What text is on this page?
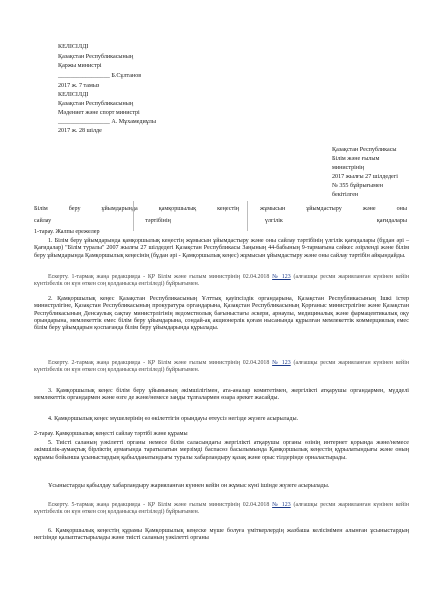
КЕЛІСІЛДІ
Қазақстан Республикасының
Қаржы министрі
_________________ Б.Сұлтанов
2017 ж. 7 тамыз
КЕЛІСІЛДІ
Қазақстан Республикасының
Мәдениет және спорт министрі
_________________ А. Мұхамедиұлы
2017 ж. 28 шілде
Қазақстан Республикасы
Білім және ғылым
министрінің
2017 жылғы 27 шілдедегі
№ 355 бұйрығымен
бекітілген
Білім	беру	ұйымдарында	қамқоршылық	кеңестің	жұмысын	ұйымдастыру	және	оны
сайлау	тәртібінің	үлгілік	қағидалары
1-тарау. Жалпы ережелер
1. Білім беру ұйымдарында қамқоршылық кеңестің жұмысын ұйымдастыру және оны сайлау тәртібінің үлгілік қағидалары (бұдан әрі – Қағидалар) "Білім туралы" 2007 жылғы 27 шілдедегі Қазақстан Республикасы Заңының 44-бабының 9-тармағына сәйкес әзірленді және білім беру ұйымдарында Қамқоршылық кеңесінің (бұдан әрі - Қамқоршылық кеңес) жұмысын ұйымдастыру және оны сайлау тәртібін айқындайды.
Ескерту. 1-тармақ жаңа редакцияда - ҚР Білім және ғылым министрінің 02.04.2018 № 123 (алғашқы ресми жарияланған күнінен кейін күнтізбелік он күн өткен соң қолданысқа енгізіледі) бұйрығымен.
2. Қамқоршылық кеңес Қазақстан Республикасының Ұлттық қауіпсіздік органдарына, Қазақстан Республикасының Ішкі істер министрлігіне, Қазақстан Республикасының прокуратура органдарына, Қазақстан Республикасының Қорғаныс министрлігіне және Қазақстан Республикасының Денсаулық сақтау министрлігінің ведомстволық бағыныстағы әскери, арнаулы, медициналық және фармацевтикалық оқу орындарына, мемлекеттік емес білім беру ұйымдарына, сондай-ақ акционерлік қоғам нысанында құрылған мемлекеттік коммерциялық емес білім беру ұйымдарын қоспағанда білім беру ұйымдарында құрылады.
Ескерту. 2-тармақ жаңа редакцияда - ҚР Білім және ғылым министрінің 02.04.2018 № 123 (алғашқы ресми жарияланған күнінен кейін күнтізбелік он күн өткен соң қолданысқа енгізіледі) бұйрығымен.
3. Қамқоршылық кеңес білім беру ұйымының әкімшілігімен, ата-аналар комитетімен, жергілікті атқарушы органдармен, мүдделі мемлекеттік органдармен және өзге де және/немесе заңды тұлғалармен өзара әрекет жасайды.
4. Қамқоршылық кеңес мүшелерінің өз өкілеттігін орындауы өтеусіз негізде жүзеге асырылады.
2-тарау. Қамқоршылық кеңесті сайлау тәртібі және құрамы
5. Тиісті саланың уәкілетті органы немесе білім саласындағы жергілікті атқарушы органы өзінің интернет қорында және/немесе әкімшілік-аумақтық бірліктің аумағында таратылатын мерзімді баспасөз басылымында Қамқоршылық кеңестің құрылатындығы және оның құрамы бойынша ұсыныстардың қабылданатындығы туралы хабарландыру қазақ және орыс тілдерінде орналастырады.
Ұсыныстарды қабылдау хабарландыру жарияланған күннен кейін он жұмыс күні ішінде жүзеге асырылады.
Ескерту. 5-тармақ жаңа редакцияда - ҚР Білім және ғылым министрінің 02.04.2018 № 123 (алғашқы ресми жарияланған күнінен кейін күнтізбелік он күн өткен соң қолданысқа енгізіледі) бұйрығымен.
6. Қамқоршылық кеңестің құрамы Қамқоршылық кеңеске мүше болуға үміткерлердің жазбаша келісімімен алынған ұсыныстардың негізінде қалыптастырылады және тиісті саланың уәкілетті органы
